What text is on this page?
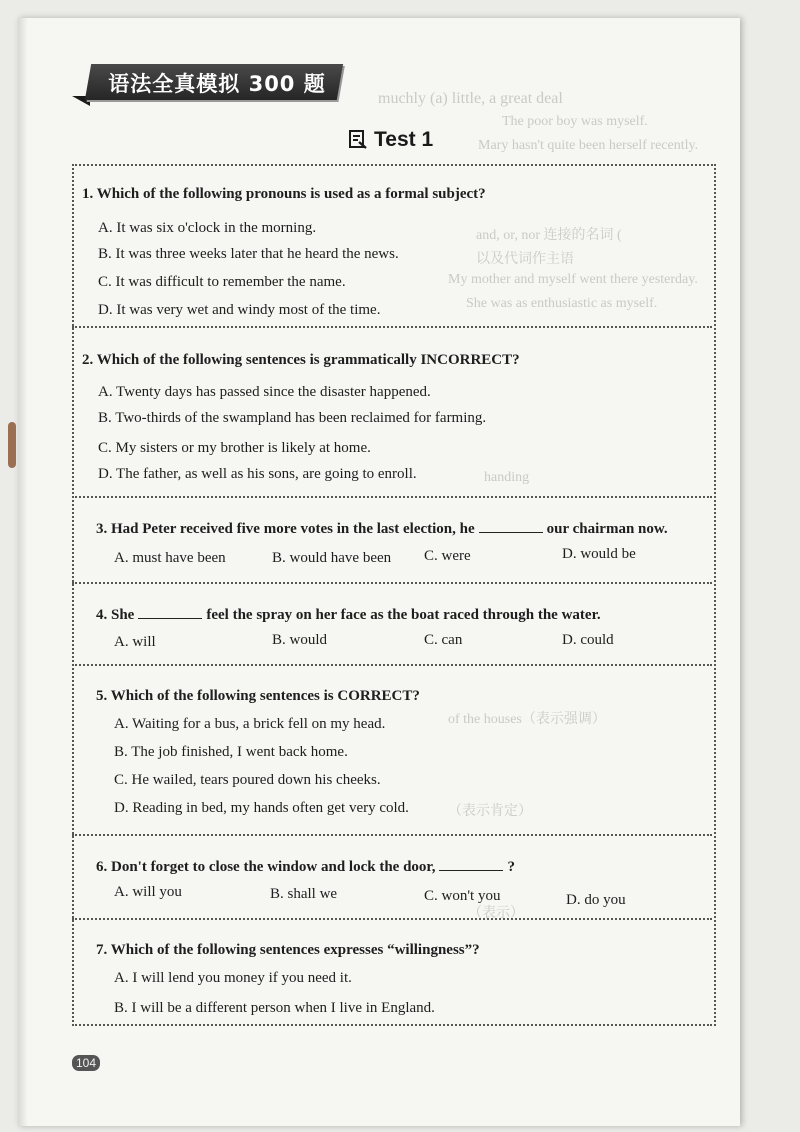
muchly (a) little, a great deal
The poor boy was myself.
Mary hasn't quite been herself recently.
and, or, nor 连接的名词 (
以及代词作主语
My mother and myself went there yesterday.
She was as enthusiastic as myself.
handing
of the houses（表示强调）
（表示肯定）
（表示）
语法全真模拟 300 题
Test 1
1. Which of the following pronouns is used as a formal subject?
A. It was six o'clock in the morning.
B. It was three weeks later that he heard the news.
C. It was difficult to remember the name.
D. It was very wet and windy most of the time.
2. Which of the following sentences is grammatically INCORRECT?
A. Twenty days has passed since the disaster happened.
B. Two-thirds of the swampland has been reclaimed for farming.
C. My sisters or my brother is likely at home.
D. The father, as well as his sons, are going to enroll.
3. Had Peter received five more votes in the last election, he	our chairman now.
A. must have been	B. would have been C. were	D. would be
4. She	feel the spray on her face as the boat raced through the water.
A. will	B. would	C. can	D. could
5. Which of the following sentences is CORRECT?
A. Waiting for a bus, a brick fell on my head.
B. The job finished, I went back home.
C. He wailed, tears poured down his cheeks.
D. Reading in bed, my hands often get very cold.
6. Don't forget to close the window and lock the door,	?
A. will you	B. shall we	C. won't you	D. do you
7. Which of the following sentences expresses “willingness”?
A. I will lend you money if you need it.
B. I will be a different person when I live in England.
104
